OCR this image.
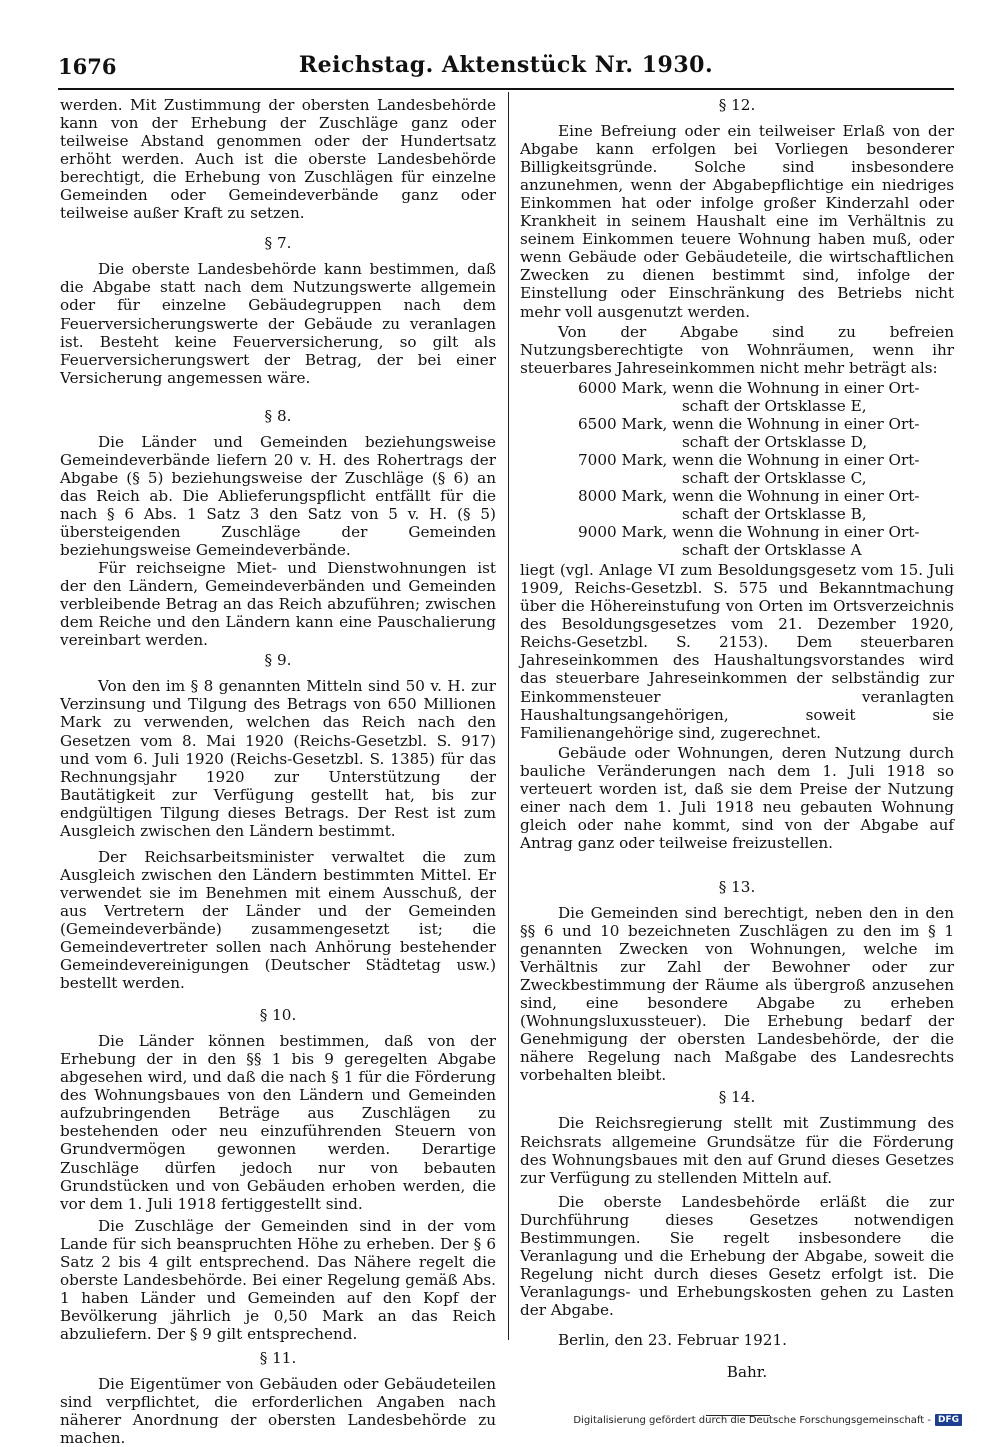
1676	Reichstag. Aktenstück Nr. 1930.

werden. Mit Zustimmung der obersten Landesbehörde kann von der Erhebung der Zuschläge ganz oder teilweise Abstand genommen oder der Hundertsatz erhöht werden. Auch ist die oberste Landesbehörde berechtigt, die Erhebung von Zuschlägen für einzelne Gemeinden oder Gemeindeverbände ganz oder teilweise außer Kraft zu setzen.

§ 7.

Die oberste Landesbehörde kann bestimmen, daß die Abgabe statt nach dem Nutzungswerte allgemein oder für einzelne Gebäudegruppen nach dem Feuerversicherungswerte der Gebäude zu veranlagen ist. Besteht keine Feuerversicherung, so gilt als Feuerversicherungswert der Betrag, der bei einer Versicherung angemessen wäre.

§ 8.

Die Länder und Gemeinden beziehungsweise Gemeindeverbände liefern 20 v. H. des Rohertrags der Abgabe (§ 5) beziehungsweise der Zuschläge (§ 6) an das Reich ab. Die Ablieferungspflicht entfällt für die nach § 6 Abs. 1 Satz 3 den Satz von 5 v. H. (§ 5) übersteigenden Zuschläge der Gemeinden beziehungsweise Gemeindeverbände.

Für reichseigne Miet- und Dienstwohnungen ist der den Ländern, Gemeindeverbänden und Gemeinden verbleibende Betrag an das Reich abzuführen; zwischen dem Reiche und den Ländern kann eine Pauschalierung vereinbart werden.

§ 9.

Von den im § 8 genannten Mitteln sind 50 v. H. zur Verzinsung und Tilgung des Betrags von 650 Millionen Mark zu verwenden, welchen das Reich nach den Gesetzen vom 8. Mai 1920 (Reichs-Gesetzbl. S. 917) und vom 6. Juli 1920 (Reichs-Gesetzbl. S. 1385) für das Rechnungsjahr 1920 zur Unterstützung der Bautätigkeit zur Verfügung gestellt hat, bis zur endgültigen Tilgung dieses Betrags. Der Rest ist zum Ausgleich zwischen den Ländern bestimmt.

Der Reichsarbeitsminister verwaltet die zum Ausgleich zwischen den Ländern bestimmten Mittel. Er verwendet sie im Benehmen mit einem Ausschuß, der aus Vertretern der Länder und der Gemeinden (Gemeindeverbände) zusammengesetzt ist; die Gemeindevertreter sollen nach Anhörung bestehender Gemeindevereinigungen (Deutscher Städtetag usw.) bestellt werden.

§ 10.

Die Länder können bestimmen, daß von der Erhebung der in den §§ 1 bis 9 geregelten Abgabe abgesehen wird, und daß die nach § 1 für die Förderung des Wohnungsbaues von den Ländern und Gemeinden aufzubringenden Beträge aus Zuschlägen zu bestehenden oder neu einzuführenden Steuern von Grundvermögen gewonnen werden. Derartige Zuschläge dürfen jedoch nur von bebauten Grundstücken und von Gebäuden erhoben werden, die vor dem 1. Juli 1918 fertiggestellt sind.

Die Zuschläge der Gemeinden sind in der vom Lande für sich beanspruchten Höhe zu erheben. Der § 6 Satz 2 bis 4 gilt entsprechend. Das Nähere regelt die oberste Landesbehörde. Bei einer Regelung gemäß Abs. 1 haben Länder und Gemeinden auf den Kopf der Bevölkerung jährlich je 0,50 Mark an das Reich abzuliefern. Der § 9 gilt entsprechend.

§ 11.

Die Eigentümer von Gebäuden oder Gebäudeteilen sind verpflichtet, die erforderlichen Angaben nach näherer Anordnung der obersten Landesbehörde zu machen.

§ 12.

Eine Befreiung oder ein teilweiser Erlaß von der Abgabe kann erfolgen bei Vorliegen besonderer Billigkeitsgründe. Solche sind insbesondere anzunehmen, wenn der Abgabepflichtige ein niedriges Einkommen hat oder infolge großer Kinderzahl oder Krankheit in seinem Haushalt eine im Verhältnis zu seinem Einkommen teuere Wohnung haben muß, oder wenn Gebäude oder Gebäudeteile, die wirtschaftlichen Zwecken zu dienen bestimmt sind, infolge der Einstellung oder Einschränkung des Betriebs nicht mehr voll ausgenutzt werden.

Von der Abgabe sind zu befreien Nutzungsberechtigte von Wohnräumen, wenn ihr steuerbares Jahreseinkommen nicht mehr beträgt als:

6000 Mark, wenn die Wohnung in einer Ort-
schaft der Ortsklasse E,
6500 Mark, wenn die Wohnung in einer Ort-
schaft der Ortsklasse D,
7000 Mark, wenn die Wohnung in einer Ort-
schaft der Ortsklasse C,
8000 Mark, wenn die Wohnung in einer Ort-
schaft der Ortsklasse B,
9000 Mark, wenn die Wohnung in einer Ort-
schaft der Ortsklasse A

liegt (vgl. Anlage VI zum Besoldungsgesetz vom 15. Juli 1909, Reichs-Gesetzbl. S. 575 und Bekanntmachung über die Höhereinstufung von Orten im Ortsverzeichnis des Besoldungsgesetzes vom 21. Dezember 1920, Reichs-Gesetzbl. S. 2153). Dem steuerbaren Jahreseinkommen des Haushaltungsvorstandes wird das steuerbare Jahreseinkommen der selbständig zur Einkommensteuer veranlagten Haushaltungsangehörigen, soweit sie Familienangehörige sind, zugerechnet.

Gebäude oder Wohnungen, deren Nutzung durch bauliche Veränderungen nach dem 1. Juli 1918 so verteuert worden ist, daß sie dem Preise der Nutzung einer nach dem 1. Juli 1918 neu gebauten Wohnung gleich oder nahe kommt, sind von der Abgabe auf Antrag ganz oder teilweise freizustellen.

§ 13.

Die Gemeinden sind berechtigt, neben den in den §§ 6 und 10 bezeichneten Zuschlägen zu den im § 1 genannten Zwecken von Wohnungen, welche im Verhältnis zur Zahl der Bewohner oder zur Zweckbestimmung der Räume als übergroß anzusehen sind, eine besondere Abgabe zu erheben (Wohnungsluxussteuer). Die Erhebung bedarf der Genehmigung der obersten Landesbehörde, der die nähere Regelung nach Maßgabe des Landesrechts vorbehalten bleibt.

§ 14.

Die Reichsregierung stellt mit Zustimmung des Reichsrats allgemeine Grundsätze für die Förderung des Wohnungsbaues mit den auf Grund dieses Gesetzes zur Verfügung zu stellenden Mitteln auf.

Die oberste Landesbehörde erläßt die zur Durchführung dieses Gesetzes notwendigen Bestimmungen. Sie regelt insbesondere die Veranlagung und die Erhebung der Abgabe, soweit die Regelung nicht durch dieses Gesetz erfolgt ist. Die Veranlagungs- und Erhebungskosten gehen zu Lasten der Abgabe.

Berlin, den 23. Februar 1921.
Bahr.
Digitalisierung gefördert durch die Deutsche Forschungsgemeinschaft - DFG
